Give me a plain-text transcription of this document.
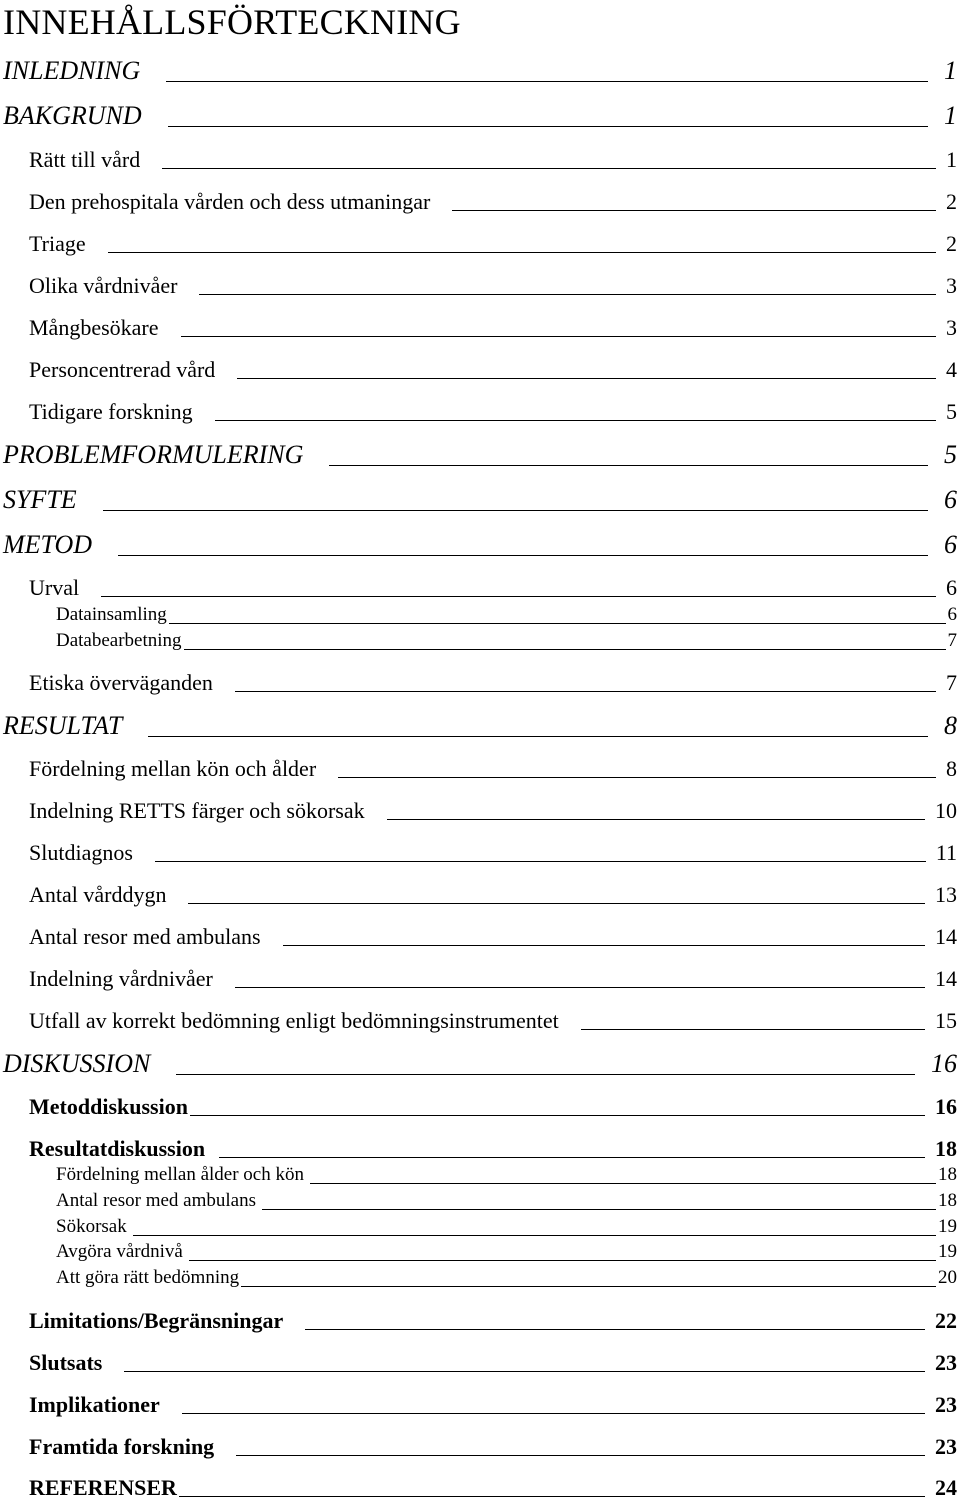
INNEHÅLLSFÖRTECKNING
INLEDNING	1
BAKGRUND	1
Rätt till vård	1
Den prehospitala vården och dess utmaningar	2
Triage	2
Olika vårdnivåer	3
Mångbesökare	3
Personcentrerad vård	4
Tidigare forskning	5
PROBLEMFORMULERING	5
SYFTE	6
METOD	6
Urval	6
Datainsamling	6
Databearbetning	7
Etiska överväganden	7
RESULTAT	8
Fördelning mellan kön och ålder	8
Indelning RETTS färger och sökorsak	10
Slutdiagnos	11
Antal vårddygn	13
Antal resor med ambulans	14
Indelning vårdnivåer	14
Utfall av korrekt bedömning enligt bedömningsinstrumentet	15
DISKUSSION	16
Metoddiskussion	16
Resultatdiskussion	18
Fördelning mellan ålder och kön	18
Antal resor med ambulans	18
Sökorsak	19
Avgöra vårdnivå	19
Att göra rätt bedömning	20
Limitations/Begränsningar	22
Slutsats	23
Implikationer	23
Framtida forskning	23
REFERENSER	24
